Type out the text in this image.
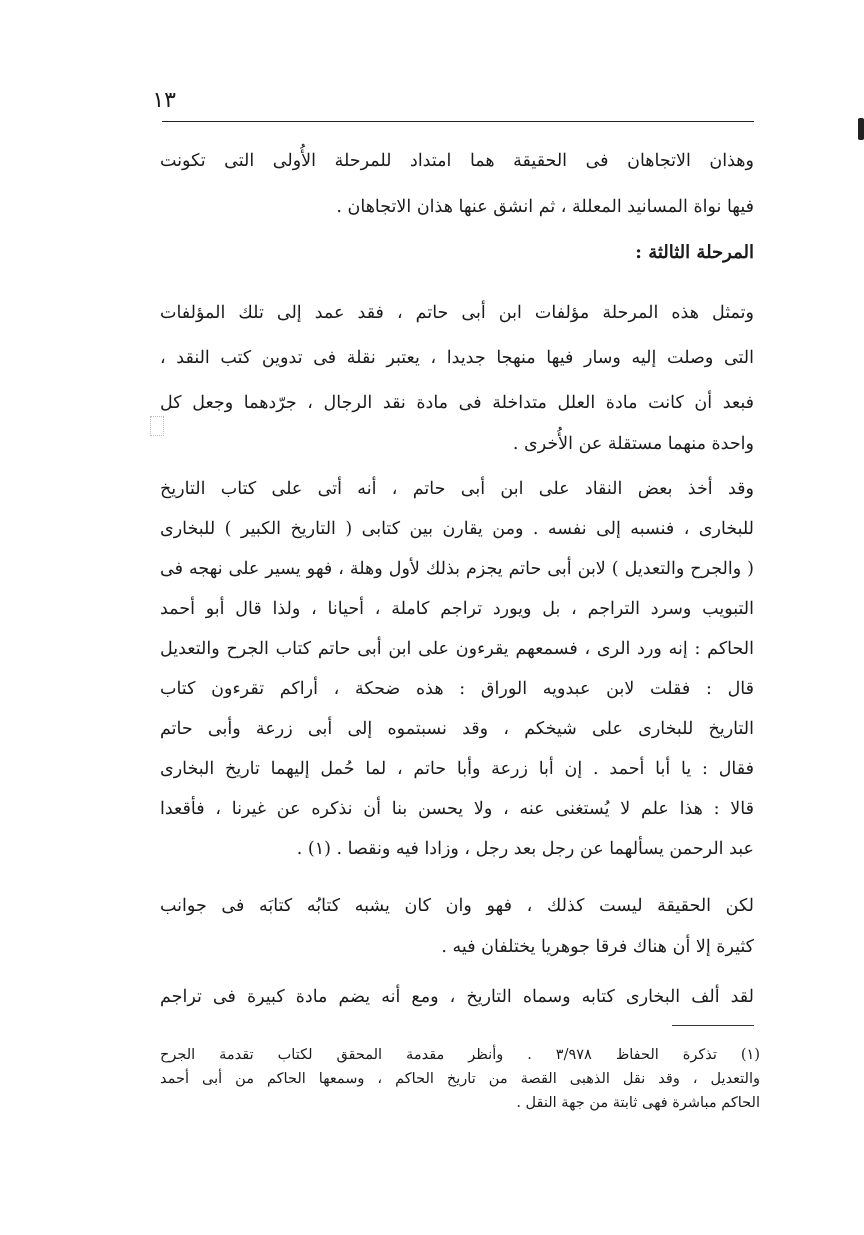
١٣
وهذان الاتجاهان فى الحقيقة هما امتداد للمرحلة الأُولى التى تكونت
فيها نواة المسانيد المعللة ، ثم انشق عنها هذان الاتجاهان .
المرحلة الثالثة :
وتمثل هذه المرحلة مؤلفات ابن أبى حاتم ، فقد عمد إلى تلك المؤلفات
التى وصلت إليه وسار فيها منهجا جديدا ، يعتبر نقلة فى تدوين كتب النقد ،
فبعد أن كانت مادة العلل متداخلة فى مادة نقد الرجال ، جرّدهما وجعل كل
واحدة منهما مستقلة عن الأُخرى .
وقد أخذ بعض النقاد على ابن أبى حاتم ، أنه أتى على كتاب التاريخ
للبخارى ، فنسبه إلى نفسه . ومن يقارن بين كتابى ( التاريخ الكبير ) للبخارى
( والجرح والتعديل ) لابن أبى حاتم يجزم بذلك لأول وهلة ، فهو يسير على نهجه فى
التبويب وسرد التراجم ، بل ويورد تراجم كاملة ، أحيانا ، ولذا قال أبو أحمد
الحاكم : إنه ورد الرى ، فسمعهم يقرءون على ابن أبى حاتم كتاب الجرح والتعديل
قال : فقلت لابن عبدويه الوراق : هذه ضحكة ، أراكم تقرءون كتاب
التاريخ للبخارى على شيخكم ، وقد نسبتموه إلى أبى زرعة وأبى حاتم
فقال : يا أبا أحمد . إن أبا زرعة وأبا حاتم ، لما حُمل إليهما تاريخ البخارى
قالا : هذا علم لا يُستغنى عنه ، ولا يحسن بنا أن نذكره عن غيرنا ، فأقعدا
عبد الرحمن يسألهما عن رجل بعد رجل ، وزادا فيه ونقصا . (١) .
لكن الحقيقة ليست كذلك ، فهو وان كان يشبه كتابُه كتابَه فى جوانب
كثيرة إلا أن هناك فرقا جوهريا يختلفان فيه .
لقد ألف البخارى كتابه وسماه التاريخ ، ومع أنه يضم مادة كبيرة فى تراجم
(١) تذكرة الحفاظ ٣/٩٧٨ . وأنظر مقدمة المحقق لكتاب تقدمة الجرح
والتعديل ، وقد نقل الذهبى القصة من تاريخ الحاكم ، وسمعها الحاكم من أبى أحمد
الحاكم مباشرة فهى ثابتة من جهة النقل .
